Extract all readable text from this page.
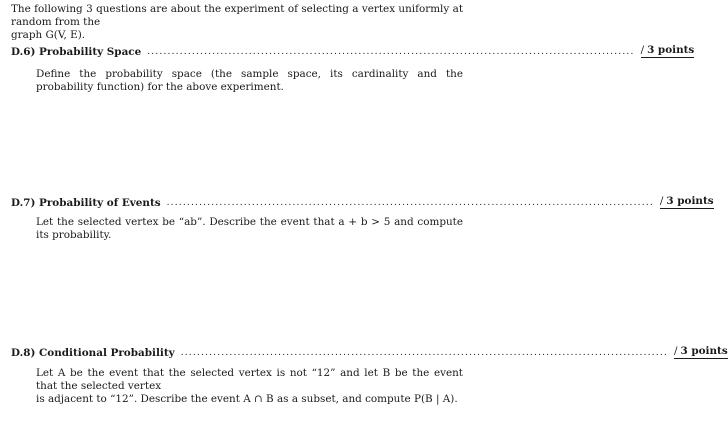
The following 3 questions are about the experiment of selecting a vertex uniformly at random from the
graph G(V, E).
D.6) Probability Space ........................................................................................................................ / 3 points
Define the probability space (the sample space, its cardinality and the probability function) for the above experiment.
D.7) Probability of Events ........................................................................................................................ / 3 points
Let the selected vertex be “ab”. Describe the event that a + b > 5 and compute its probability.
D.8) Conditional Probability ........................................................................................................................ / 3 points
Let A be the event that the selected vertex is not “12” and let B be the event that the selected vertex
is adjacent to “12”. Describe the event A ∩ B as a subset, and compute P(B | A).
